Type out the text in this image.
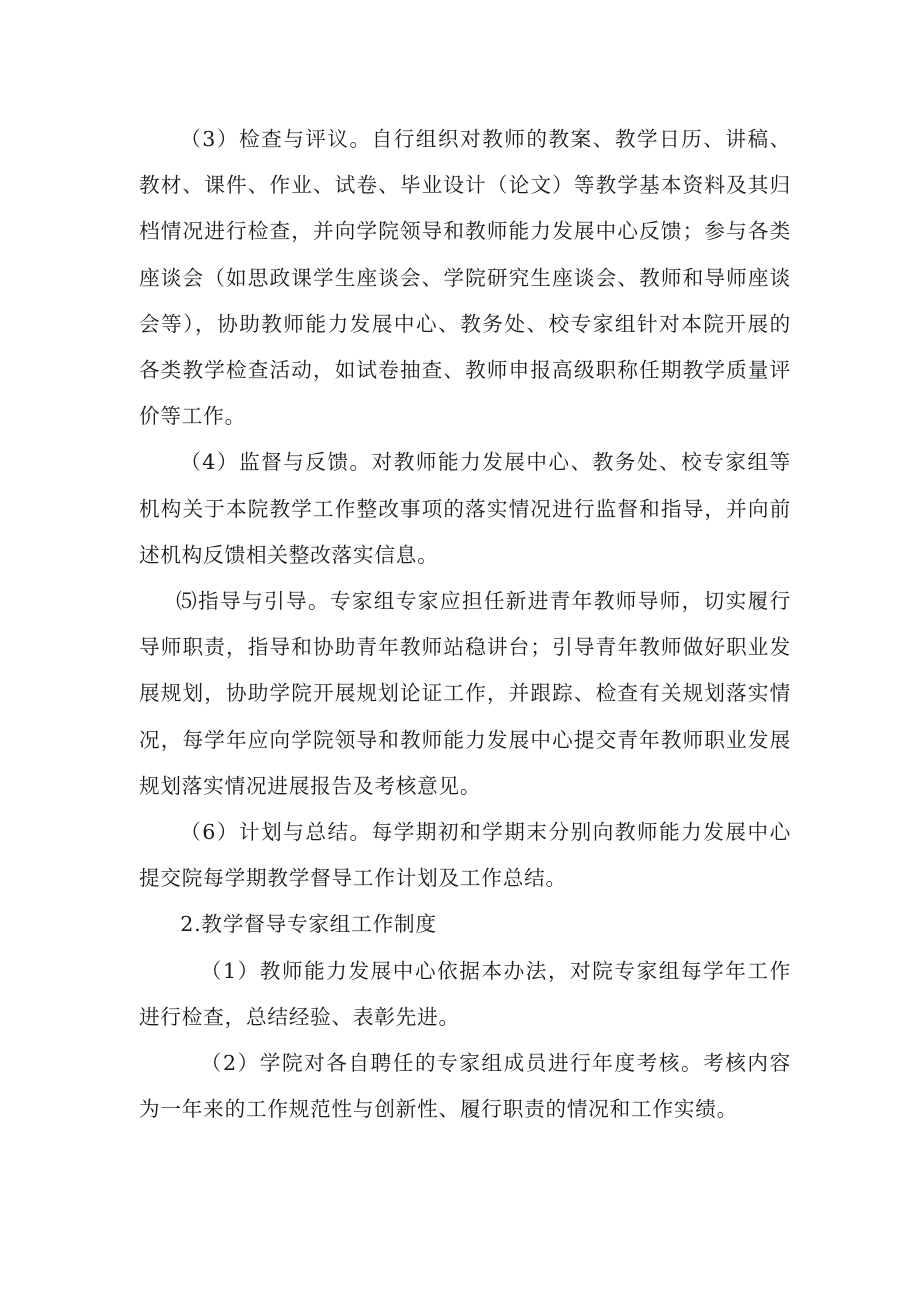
（3）检查与评议。自行组织对教师的教案、教学日历、讲稿、教材、课件、作业、试卷、毕业设计（论文）等教学基本资料及其归档情况进行检查，并向学院领导和教师能力发展中心反馈；参与各类座谈会（如思政课学生座谈会、学院研究生座谈会、教师和导师座谈会等），协助教师能力发展中心、教务处、校专家组针对本院开展的各类教学检查活动，如试卷抽查、教师申报高级职称任期教学质量评价等工作。

（4）监督与反馈。对教师能力发展中心、教务处、校专家组等机构关于本院教学工作整改事项的落实情况进行监督和指导，并向前述机构反馈相关整改落实信息。

⑸指导与引导。专家组专家应担任新进青年教师导师，切实履行导师职责，指导和协助青年教师站稳讲台；引导青年教师做好职业发展规划，协助学院开展规划论证工作，并跟踪、检查有关规划落实情况，每学年应向学院领导和教师能力发展中心提交青年教师职业发展规划落实情况进展报告及考核意见。

（6）计划与总结。每学期初和学期末分别向教师能力发展中心提交院每学期教学督导工作计划及工作总结。

2.教学督导专家组工作制度

（1）教师能力发展中心依据本办法，对院专家组每学年工作进行检查，总结经验、表彰先进。

（2）学院对各自聘任的专家组成员进行年度考核。考核内容为一年来的工作规范性与创新性、履行职责的情况和工作实绩。
